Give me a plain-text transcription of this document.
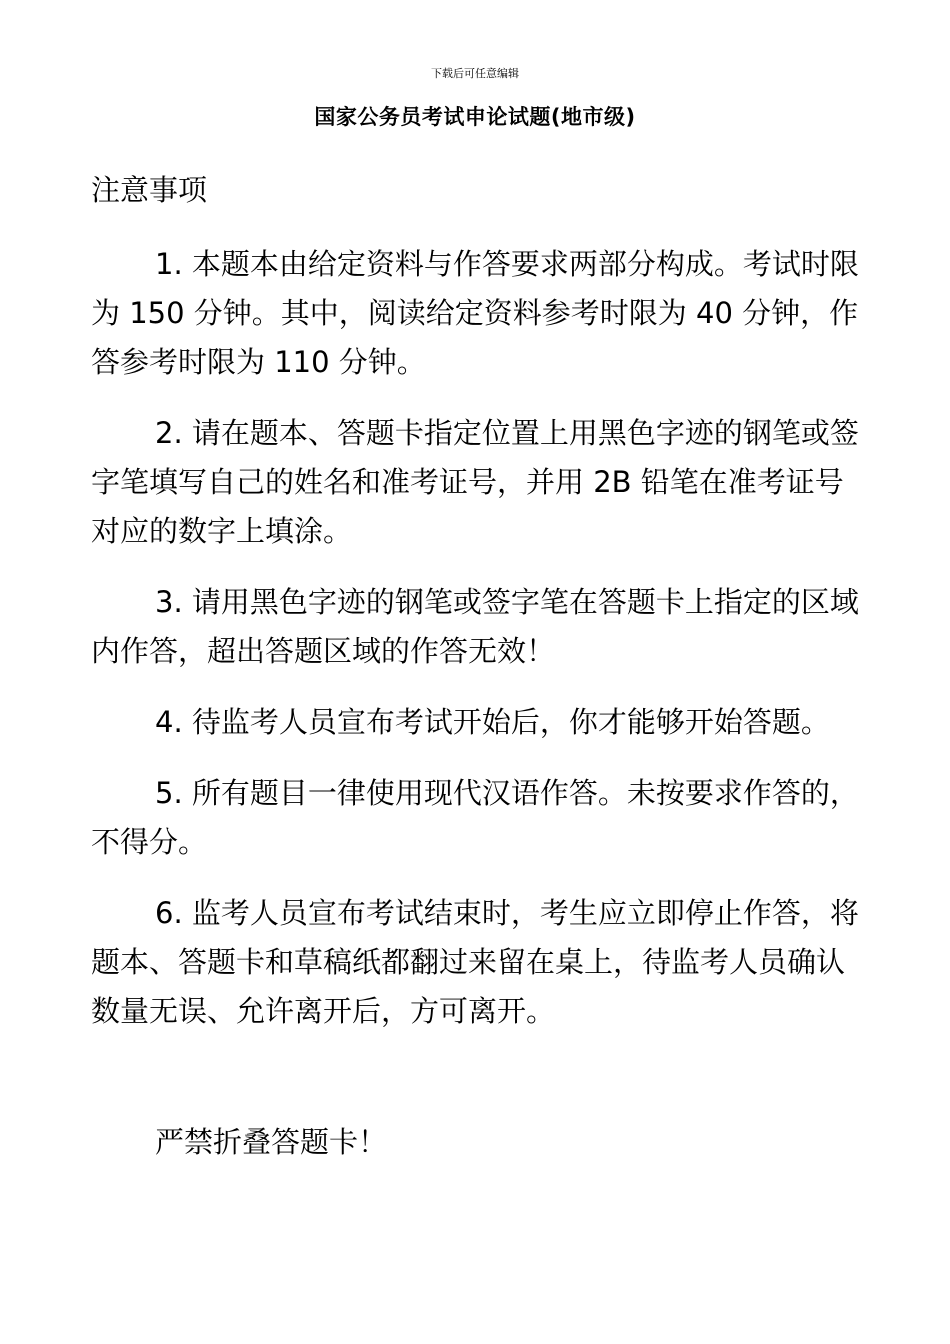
下载后可任意编辑
国家公务员考试申论试题(地市级)
注意事项

1. 本题本由给定资料与作答要求两部分构成。考试时限为 150 分钟。其中，阅读给定资料参考时限为 40 分钟，作答参考时限为 110 分钟。

2. 请在题本、答题卡指定位置上用黑色字迹的钢笔或签字笔填写自己的姓名和准考证号，并用 2B 铅笔在准考证号对应的数字上填涂。

3. 请用黑色字迹的钢笔或签字笔在答题卡上指定的区域内作答，超出答题区域的作答无效！

4. 待监考人员宣布考试开始后，你才能够开始答题。

5. 所有题目一律使用现代汉语作答。未按要求作答的，不得分。

6. 监考人员宣布考试结束时，考生应立即停止作答，将题本、答题卡和草稿纸都翻过来留在桌上，待监考人员确认数量无误、允许离开后，方可离开。

严禁折叠答题卡！
